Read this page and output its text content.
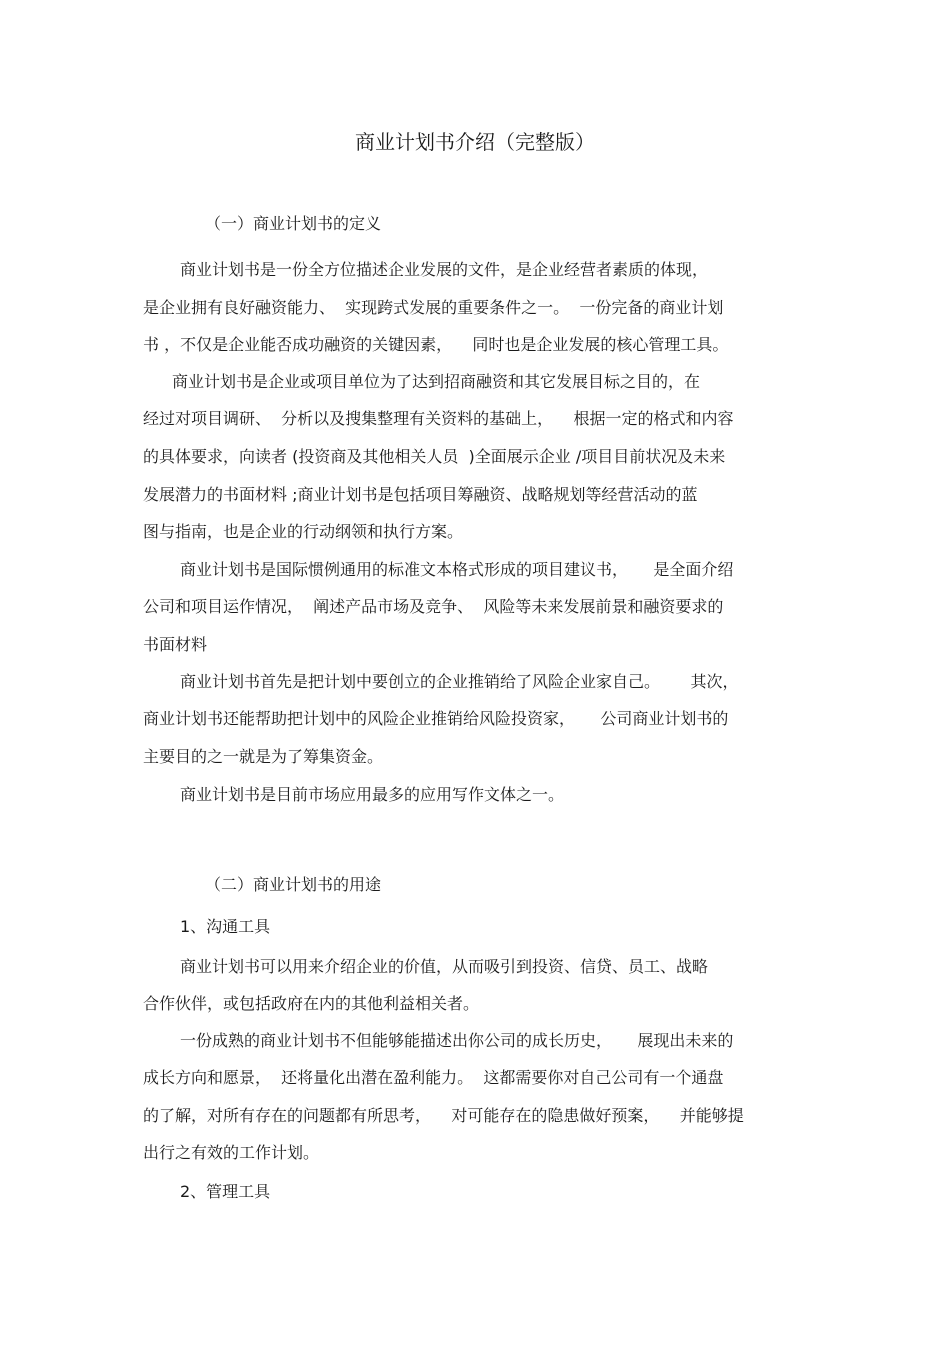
商业计划书介绍（完整版）
（一）商业计划书的定义
商业计划书是一份全方位描述企业发展的文件，是企业经营者素质的体现，
是企业拥有良好融资能力、  实现跨式发展的重要条件之一。  一份完备的商业计划
书 ，不仅是企业能否成功融资的关键因素，    同时也是企业发展的核心管理工具。
商业计划书是企业或项目单位为了达到招商融资和其它发展目标之目的，在
经过对项目调研、  分析以及搜集整理有关资料的基础上，    根据一定的格式和内容
的具体要求，向读者 (投资商及其他相关人员  )全面展示企业 /项目目前状况及未来
发展潜力的书面材料 ;商业计划书是包括项目筹融资、战略规划等经营活动的蓝
图与指南，也是企业的行动纲领和执行方案。
商业计划书是国际惯例通用的标准文本格式形成的项目建议书，     是全面介绍
公司和项目运作情况，  阐述产品市场及竞争、  风险等未来发展前景和融资要求的
书面材料
商业计划书首先是把计划中要创立的企业推销给了风险企业家自己。      其次，
商业计划书还能帮助把计划中的风险企业推销给风险投资家，     公司商业计划书的
主要目的之一就是为了筹集资金。
商业计划书是目前市场应用最多的应用写作文体之一。
（二）商业计划书的用途
1、沟通工具
商业计划书可以用来介绍企业的价值，从而吸引到投资、信贷、员工、战略
合作伙伴，或包括政府在内的其他利益相关者。
一份成熟的商业计划书不但能够能描述出你公司的成长历史，     展现出未来的
成长方向和愿景，  还将量化出潜在盈利能力。  这都需要你对自己公司有一个通盘
的了解，对所有存在的问题都有所思考，    对可能存在的隐患做好预案，    并能够提
出行之有效的工作计划。
2、管理工具
